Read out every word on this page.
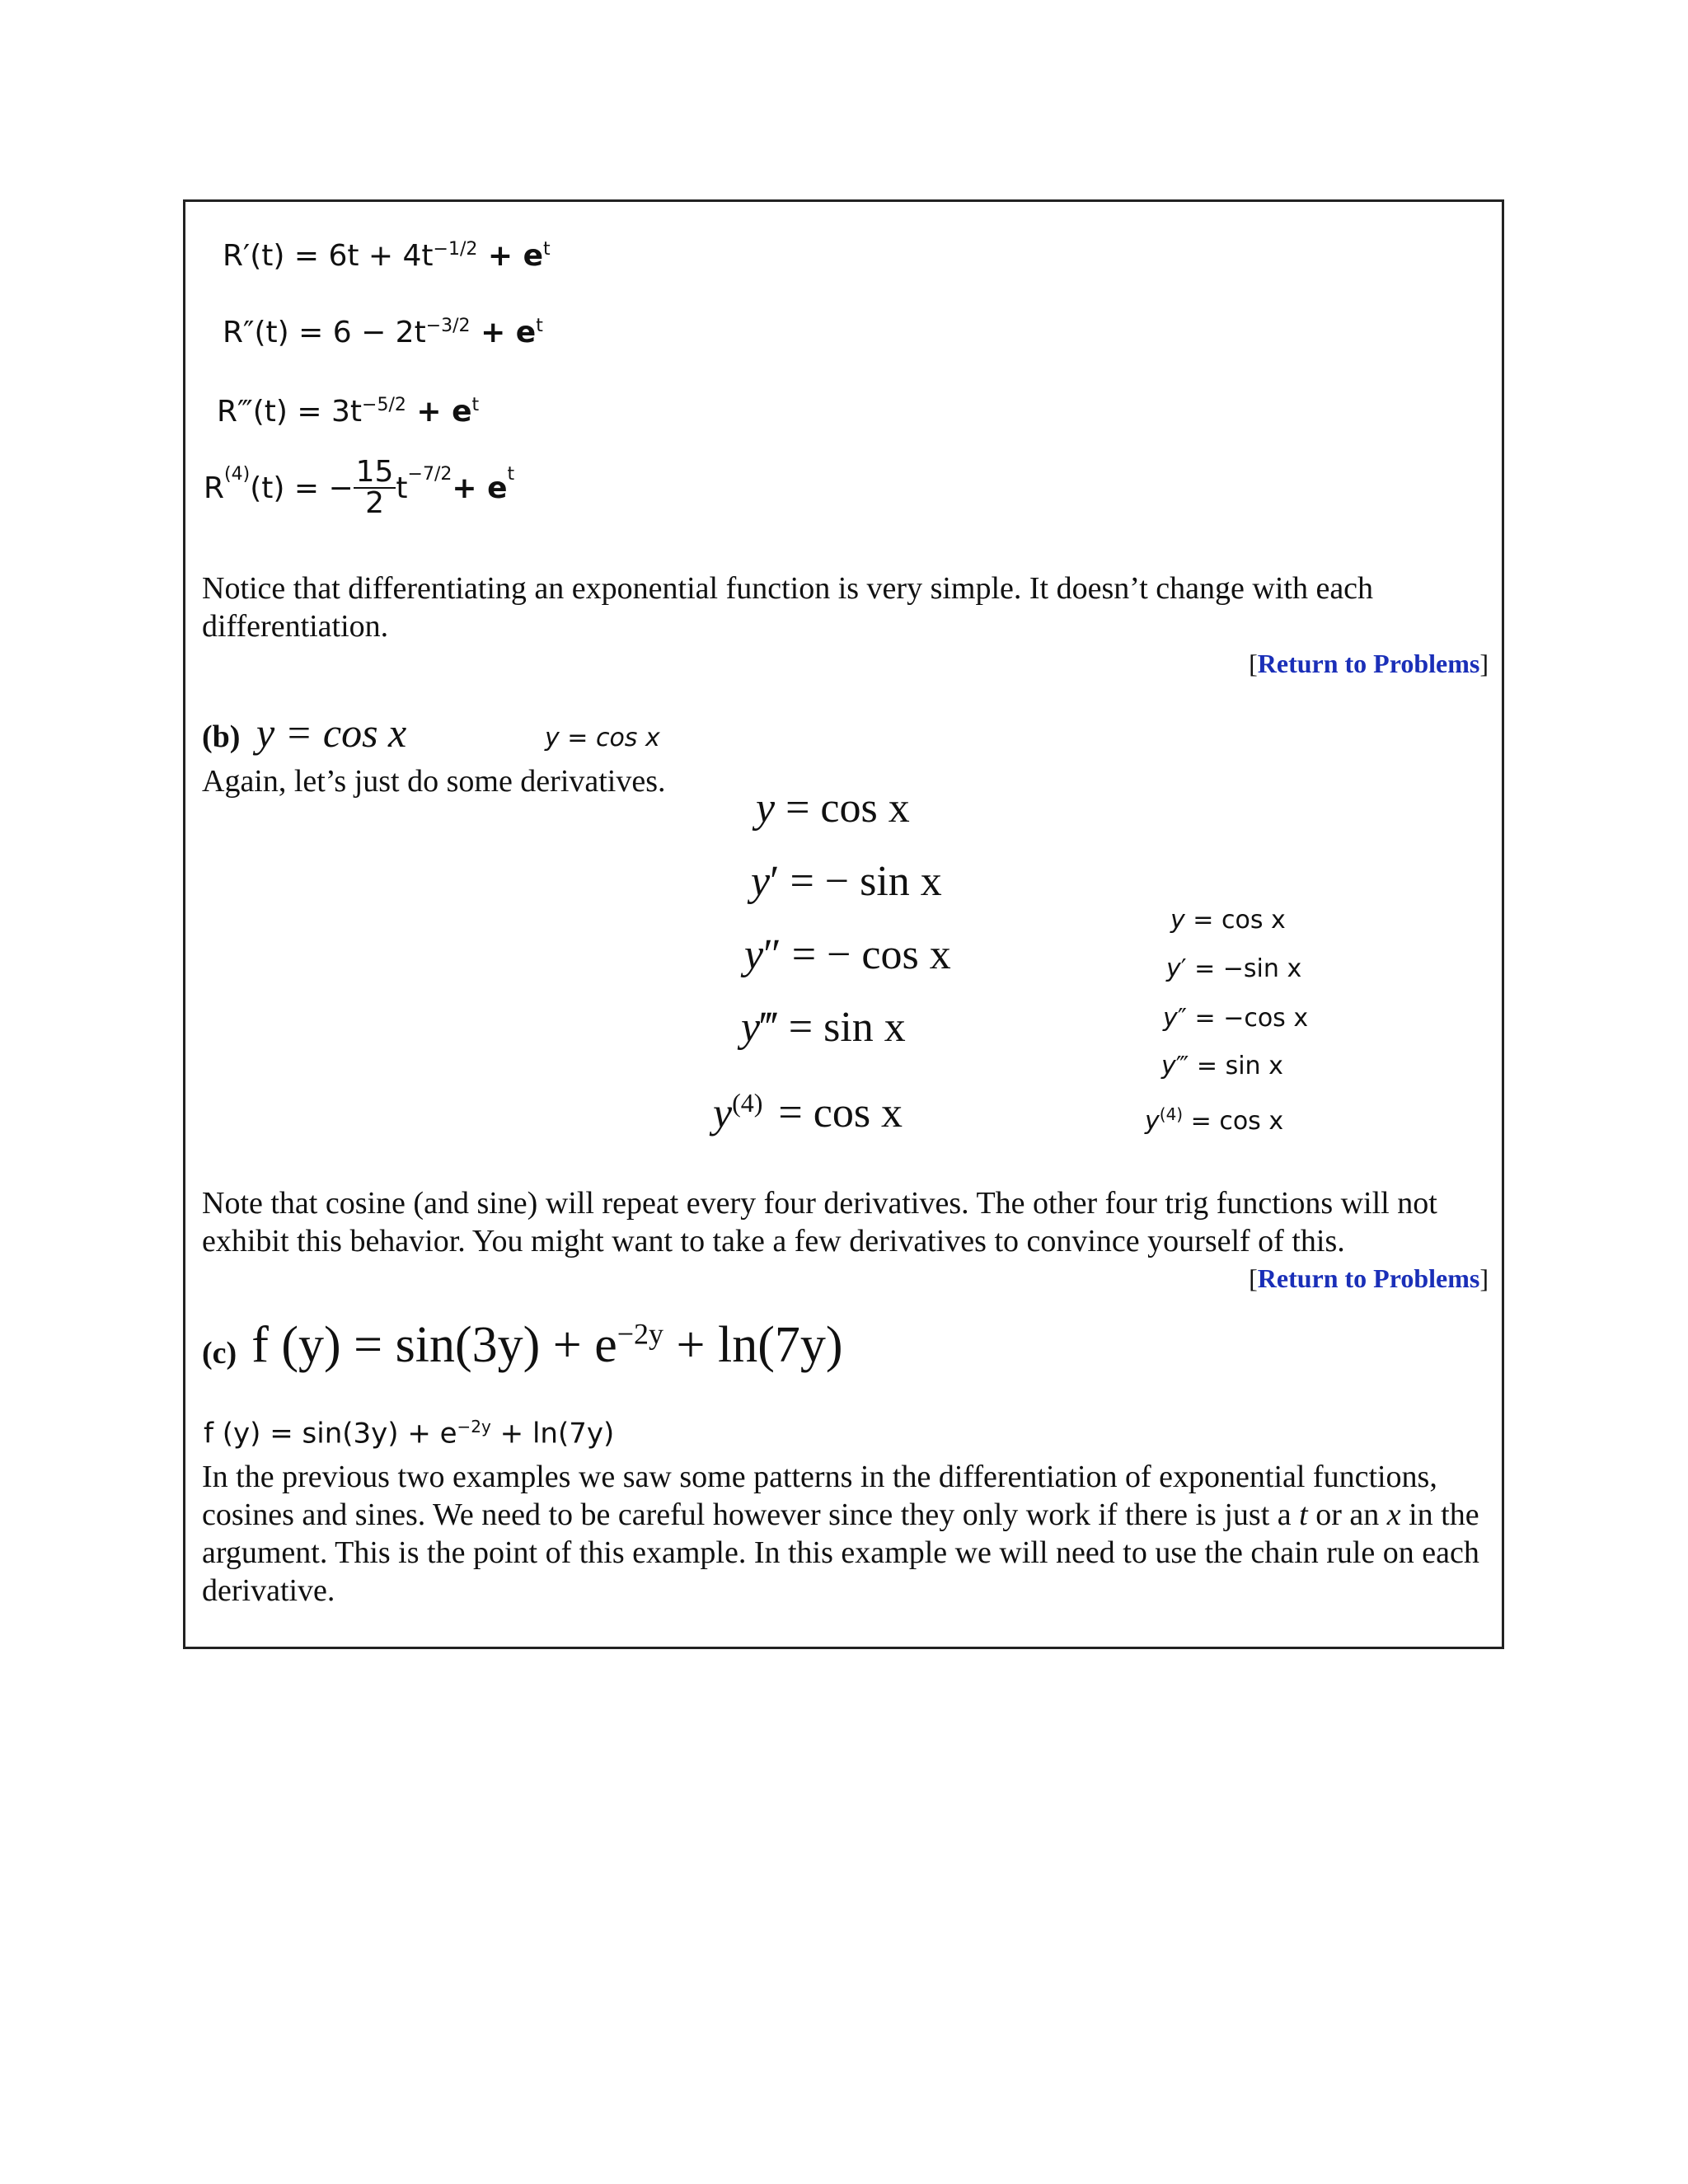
$R'(t) = 6t + 4t^{-1/2} + e^t$
$R''(t) = 6 - 2t^{-3/2} + e^t$
R‴(t) = $3t^{-5/2} + e^t$
$R^{(4)}$ (t) = − $\frac{15}{2} t^{-7/2} + e^t$
Notice that differentiating an exponential function is very simple. It doesn’t change with each differentiation.
[Return to Problems]
(b) y = cos x	y = cos x
Again, let’s just do some derivatives.
y = cos x
y′ = − sin x
y″ = − cos x
y‴ = sin x
$y^{(4)} = \cos x$
y = cos x
y′ = −sin x
y″ = −cos x
y‴ = sin x
$y^{(4)} = \cos x$
Note that cosine (and sine) will repeat every four derivatives. The other four trig functions will not exhibit this behavior. You might want to take a few derivatives to convince yourself of this.
[Return to Problems]
(c) f $(y) = \sin(3y) + e^{-2y} + \ln(7y)$
f $(y) = \sin(3y) + e^{-2y} + \ln(7y)$
In the previous two examples we saw some patterns in the differentiation of exponential functions, cosines and sines. We need to be careful however since they only work if there is just a t or an x in the argument. This is the point of this example. In this example we will need to use the chain rule on each derivative.
